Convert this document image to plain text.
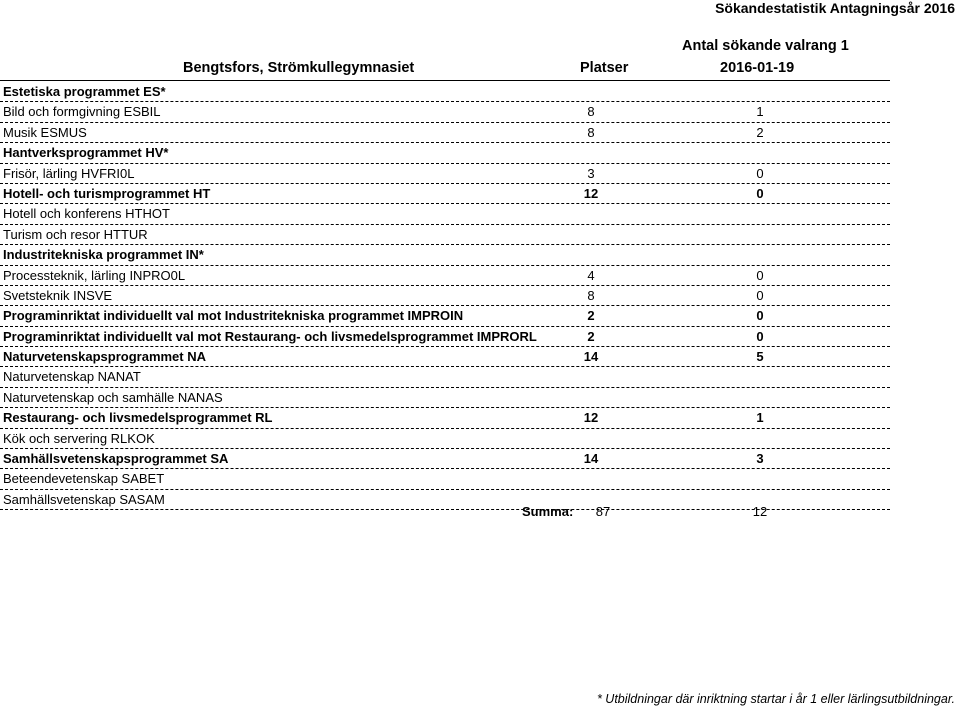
Sökandestatistik Antagningsår 2016
Antal sökande valrang 1
Bengtsfors, Strömkullegymnasiet	Platser	2016-01-19
Estetiska programmet ES*
Bild och formgivning ESBIL	8	1
Musik ESMUS	8	2
Hantverksprogrammet HV*
Frisör, lärling HVFRI0L	3	0
Hotell- och turismprogrammet HT	12	0
Hotell och konferens HTHOT
Turism och resor HTTUR
Industritekniska programmet IN*
Processteknik, lärling INPRO0L	4	0
Svetsteknik INSVE	8	0
Programinriktat individuellt val mot Industritekniska programmet IMPROIN	2	0
Programinriktat individuellt val mot Restaurang- och livsmedelsprogrammet IMPRORL	2	0
Naturvetenskapsprogrammet NA	14	5
Naturvetenskap NANAT
Naturvetenskap och samhälle NANAS
Restaurang- och livsmedelsprogrammet RL	12	1
Kök och servering RLKOK
Samhällsvetenskapsprogrammet SA	14	3
Beteendevetenskap SABET
Samhällsvetenskap SASAM
Summa:	87	12
* Utbildningar där inriktning startar i år 1 eller lärlingsutbildningar.
